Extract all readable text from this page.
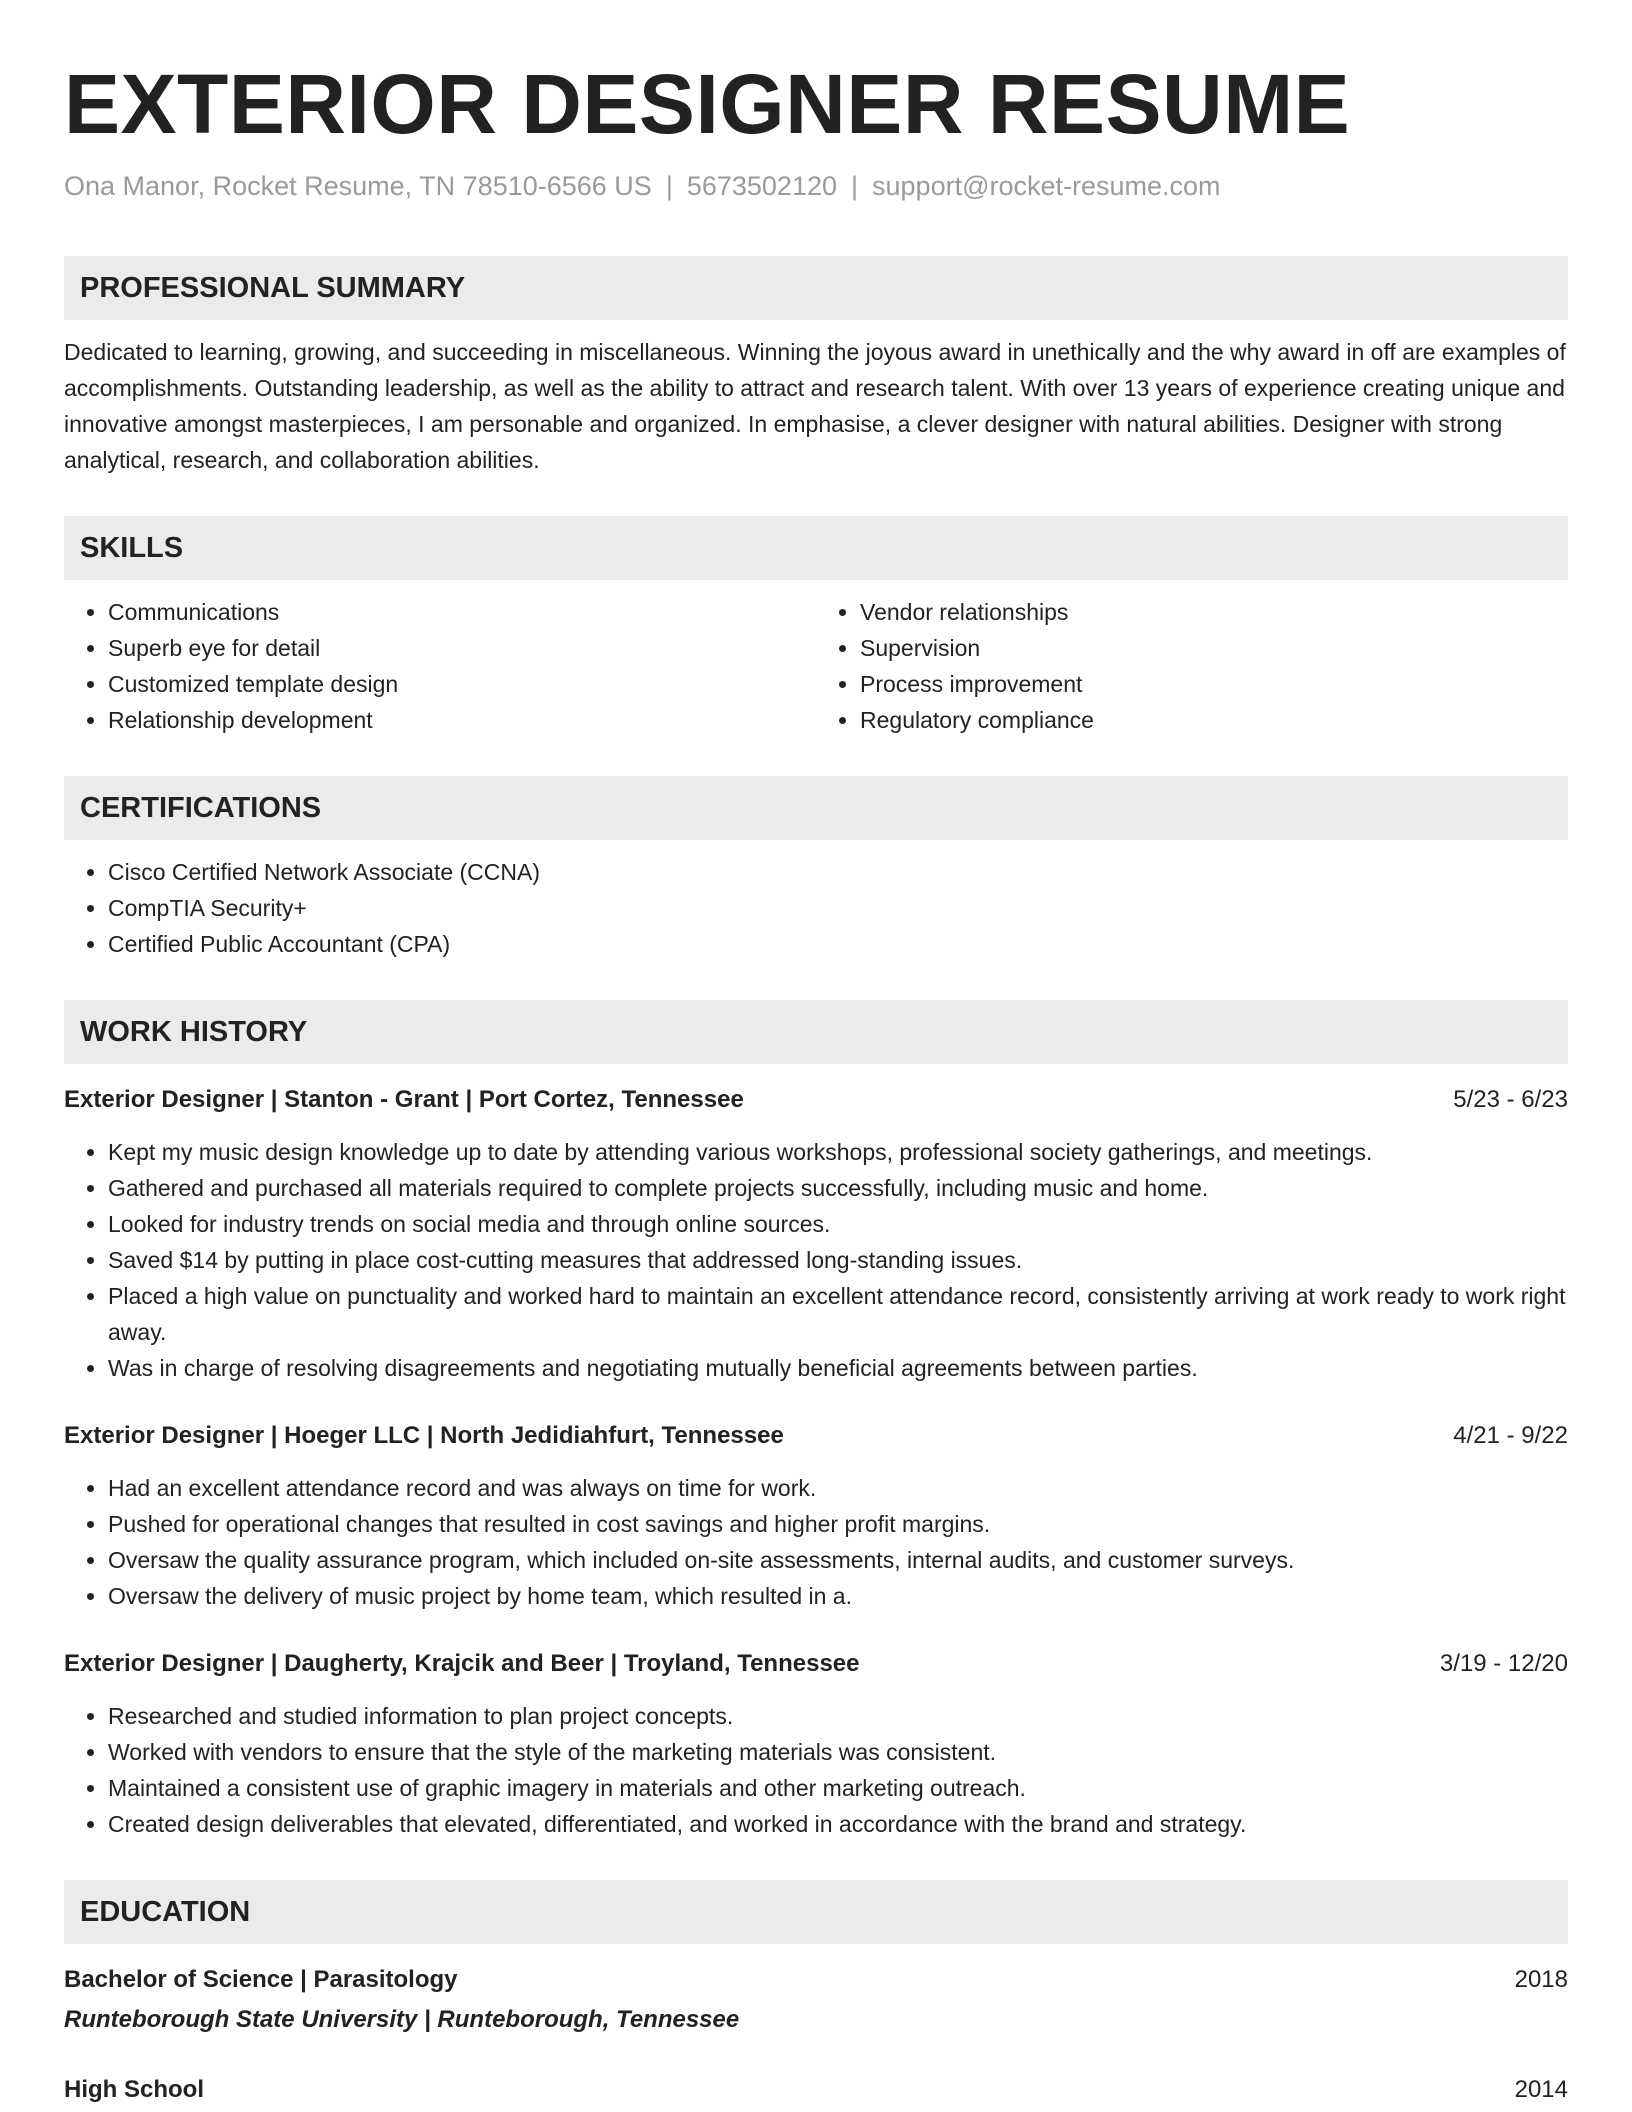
EXTERIOR DESIGNER RESUME
Ona Manor, Rocket Resume, TN 78510-6566 US | 5673502120 | support@rocket-resume.com
PROFESSIONAL SUMMARY
Dedicated to learning, growing, and succeeding in miscellaneous. Winning the joyous award in unethically and the why award in off are examples of accomplishments. Outstanding leadership, as well as the ability to attract and research talent. With over 13 years of experience creating unique and innovative amongst masterpieces, I am personable and organized. In emphasise, a clever designer with natural abilities. Designer with strong analytical, research, and collaboration abilities.
SKILLS
• Communications
• Superb eye for detail
• Customized template design
• Relationship development
• Vendor relationships
• Supervision
• Process improvement
• Regulatory compliance
CERTIFICATIONS
• Cisco Certified Network Associate (CCNA)
• CompTIA Security+
• Certified Public Accountant (CPA)
WORK HISTORY
Exterior Designer | Stanton - Grant | Port Cortez, Tennessee	5/23 - 6/23
• Kept my music design knowledge up to date by attending various workshops, professional society gatherings, and meetings.
• Gathered and purchased all materials required to complete projects successfully, including music and home.
• Looked for industry trends on social media and through online sources.
• Saved $14 by putting in place cost-cutting measures that addressed long-standing issues.
• Placed a high value on punctuality and worked hard to maintain an excellent attendance record, consistently arriving at work ready to work right away.
• Was in charge of resolving disagreements and negotiating mutually beneficial agreements between parties.
Exterior Designer | Hoeger LLC | North Jedidiahfurt, Tennessee	4/21 - 9/22
• Had an excellent attendance record and was always on time for work.
• Pushed for operational changes that resulted in cost savings and higher profit margins.
• Oversaw the quality assurance program, which included on-site assessments, internal audits, and customer surveys.
• Oversaw the delivery of music project by home team, which resulted in a.
Exterior Designer | Daugherty, Krajcik and Beer | Troyland, Tennessee	3/19 - 12/20
• Researched and studied information to plan project concepts.
• Worked with vendors to ensure that the style of the marketing materials was consistent.
• Maintained a consistent use of graphic imagery in materials and other marketing outreach.
• Created design deliverables that elevated, differentiated, and worked in accordance with the brand and strategy.
EDUCATION
Bachelor of Science | Parasitology	2018
Runteborough State University | Runteborough, Tennessee
High School	2014
